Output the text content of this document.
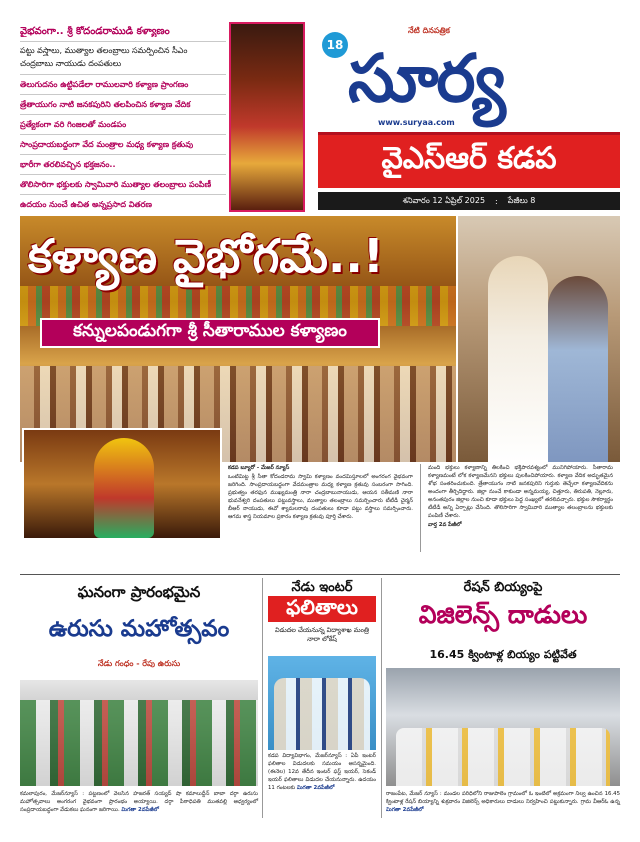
వైభవంగా.. శ్రీ కోదండరాముడి కళ్యాణం
పట్టు వస్త్రాలు, ముత్యాల తలంబ్రాలు సమర్పించిన సీఎం
చంద్రబాబు నాయుడు దంపతులు
తెలుగుదనం ఉట్టిపడేలా రాములవారి కళ్యాణ ప్రాంగణం
త్రేతాయుగం నాటి జనకపురిని తలపించిన కళ్యాణ వేదిక
ప్రత్యేకంగా వరి గింజలతో మండపం
సాంప్రదాయబద్ధంగా వేద మంత్రాల మధ్య కళ్యాణ క్రతువు
భారీగా తరలివచ్చిన భక్తజనం..
తొలిసారిగా భక్తులకు స్వామివారి ముత్యాల తలంబ్రాలు పంపిణీ
ఉదయం నుంచే ఉచిత అన్నప్రసాద వితరణ
18
నేటి దినపత్రిక
సూర్య
www.suryaa.com
వైఎస్ఆర్ కడప
శనివారం 12 ఏప్రిల్ 2025 : పేజీలు 8
కళ్యాణ వైభోగమే..!
కన్నులపండుగగా శ్రీ సీతారాముల కళ్యాణం

కడప బ్యూరో - మేజర్ న్యూస్

ఒంటిమిట్ట శ్రీ సీతా కోదండరామ స్వామి కళ్యాణం వందమిస్తూలలో అంగరంగ వైభవంగా జరిగింది. సాంప్రదాయబద్ధంగా వేదమంత్రాల మధ్య కళ్యాణ క్రతువు సంబరంగా సాగింది. ప్రభుత్వం తరఫున ముఖ్యమంత్రి నారా చంద్రబాబునాయుడు, ఆయన సతీమణి నారా భువనేశ్వరి దంపతులు పట్టువస్త్రాలు, ముత్యాల తలంబ్రాలు సమర్పించారు టీటీడీ చైర్మన్ బీఆర్ నాయుడు, ఈవో శ్యామలరావు దంపతులు కూడా పట్టు వస్త్రాలు సమర్పించారు. ఆగమ శాస్త్ర నియమాల ప్రకారం కళ్యాణ క్రతువు పూర్తి చేశారు.

మంది భక్తులు కళ్యాణాన్ని తిలకించి భక్తిపారవశ్యంలో మునిగిపోయారు. సీతారామ కళ్యాణమంటే లోక కళ్యాణమేనని భక్తులు పులకించిపోయారు. కళ్యాణ వేదిక అద్భుతమైన శోభ సంతరించుకుంది. త్రేతాయుగం నాటి జనకపురిని గుర్తుకు తెచ్చేలా కళ్యాణవేదికను అందంగా తీర్చిదిద్దారు. జిల్లా నుంచే కాకుండా అన్నమయ్య, చిత్తూరు, తిరుపతి, నెల్లూరు, అనంతపురం జిల్లాల నుంచి కూడా భక్తులు పెద్ద సంఖ్యలో తరలివచ్చారు. భక్తుల సౌకర్యార్థం టీటీడీ అన్ని ఏర్పాట్లు చేసింది. తొలిసారిగా స్వామివారి ముత్యాల తలంబ్రాలను భక్తులకు పంపిణీ చేశారు.

వార్త 2వ పేజీలో

ఘనంగా ప్రారంభమైన
ఉరుసు మహోత్సవం
నేడు గంధం - రేపు ఉరుసు
కమలాపురం, మేజర్‌న్యూస్ : పట్టణంలో వెలసిన హజరత్ సయ్యద్ షా కమాలుద్దీన్ బాబా దర్గా ఉరుసు మహోత్సవాలు అంగరంగ వైభవంగా ప్రారంభం అయ్యాయి. దర్గా పీఠాధిపతి ముతవల్లి ఆధ్వర్యంలో సంప్రదాయబద్ధంగా వేడుకలు ఘనంగా జరిగాయి. మిగతా 2వపేజీలో
నేడు ఇంటర్
ఫలితాలు
విడుదల చేయనున్న విద్యాశాఖ మంత్రి నారా లోకేష్
కడప విద్యావిభాగం, మేజర్‌న్యూస్ : ఏపీ ఇంటర్ ఫలితాల విడుదలకు సమయం ఆసన్నమైంది. (ఈనెల) 12వ తేదీన ఇంటర్ ఫస్ట్ ఇయర్, సెకండ్ ఇయర్ ఫలితాలు విడుదల చేయనున్నారు. ఉదయం 11 గంటలకు మిగతా 2వపేజీలో
రేషన్ బియ్యంపై
విజిలెన్స్ దాడులు
16.45 క్వింటాళ్ల బియ్యం పట్టివేత
రాజంపేట, మేజర్ న్యూస్ : మండల పరిధిలోని రాజుపాలెం గ్రామంలో ఓ ఇంటిలో అక్రమంగా నిల్వ ఉంచిన 16.45 క్వింటాళ్ల రేషన్ బియ్యాన్ని శుక్రవారం విజిలెన్స్ అధికారులు దాడులు నిర్వహించి పట్టుకున్నారు. గ్రామ వీఆర్ఓ ఉన్న మిగతా 2వపేజీలో
